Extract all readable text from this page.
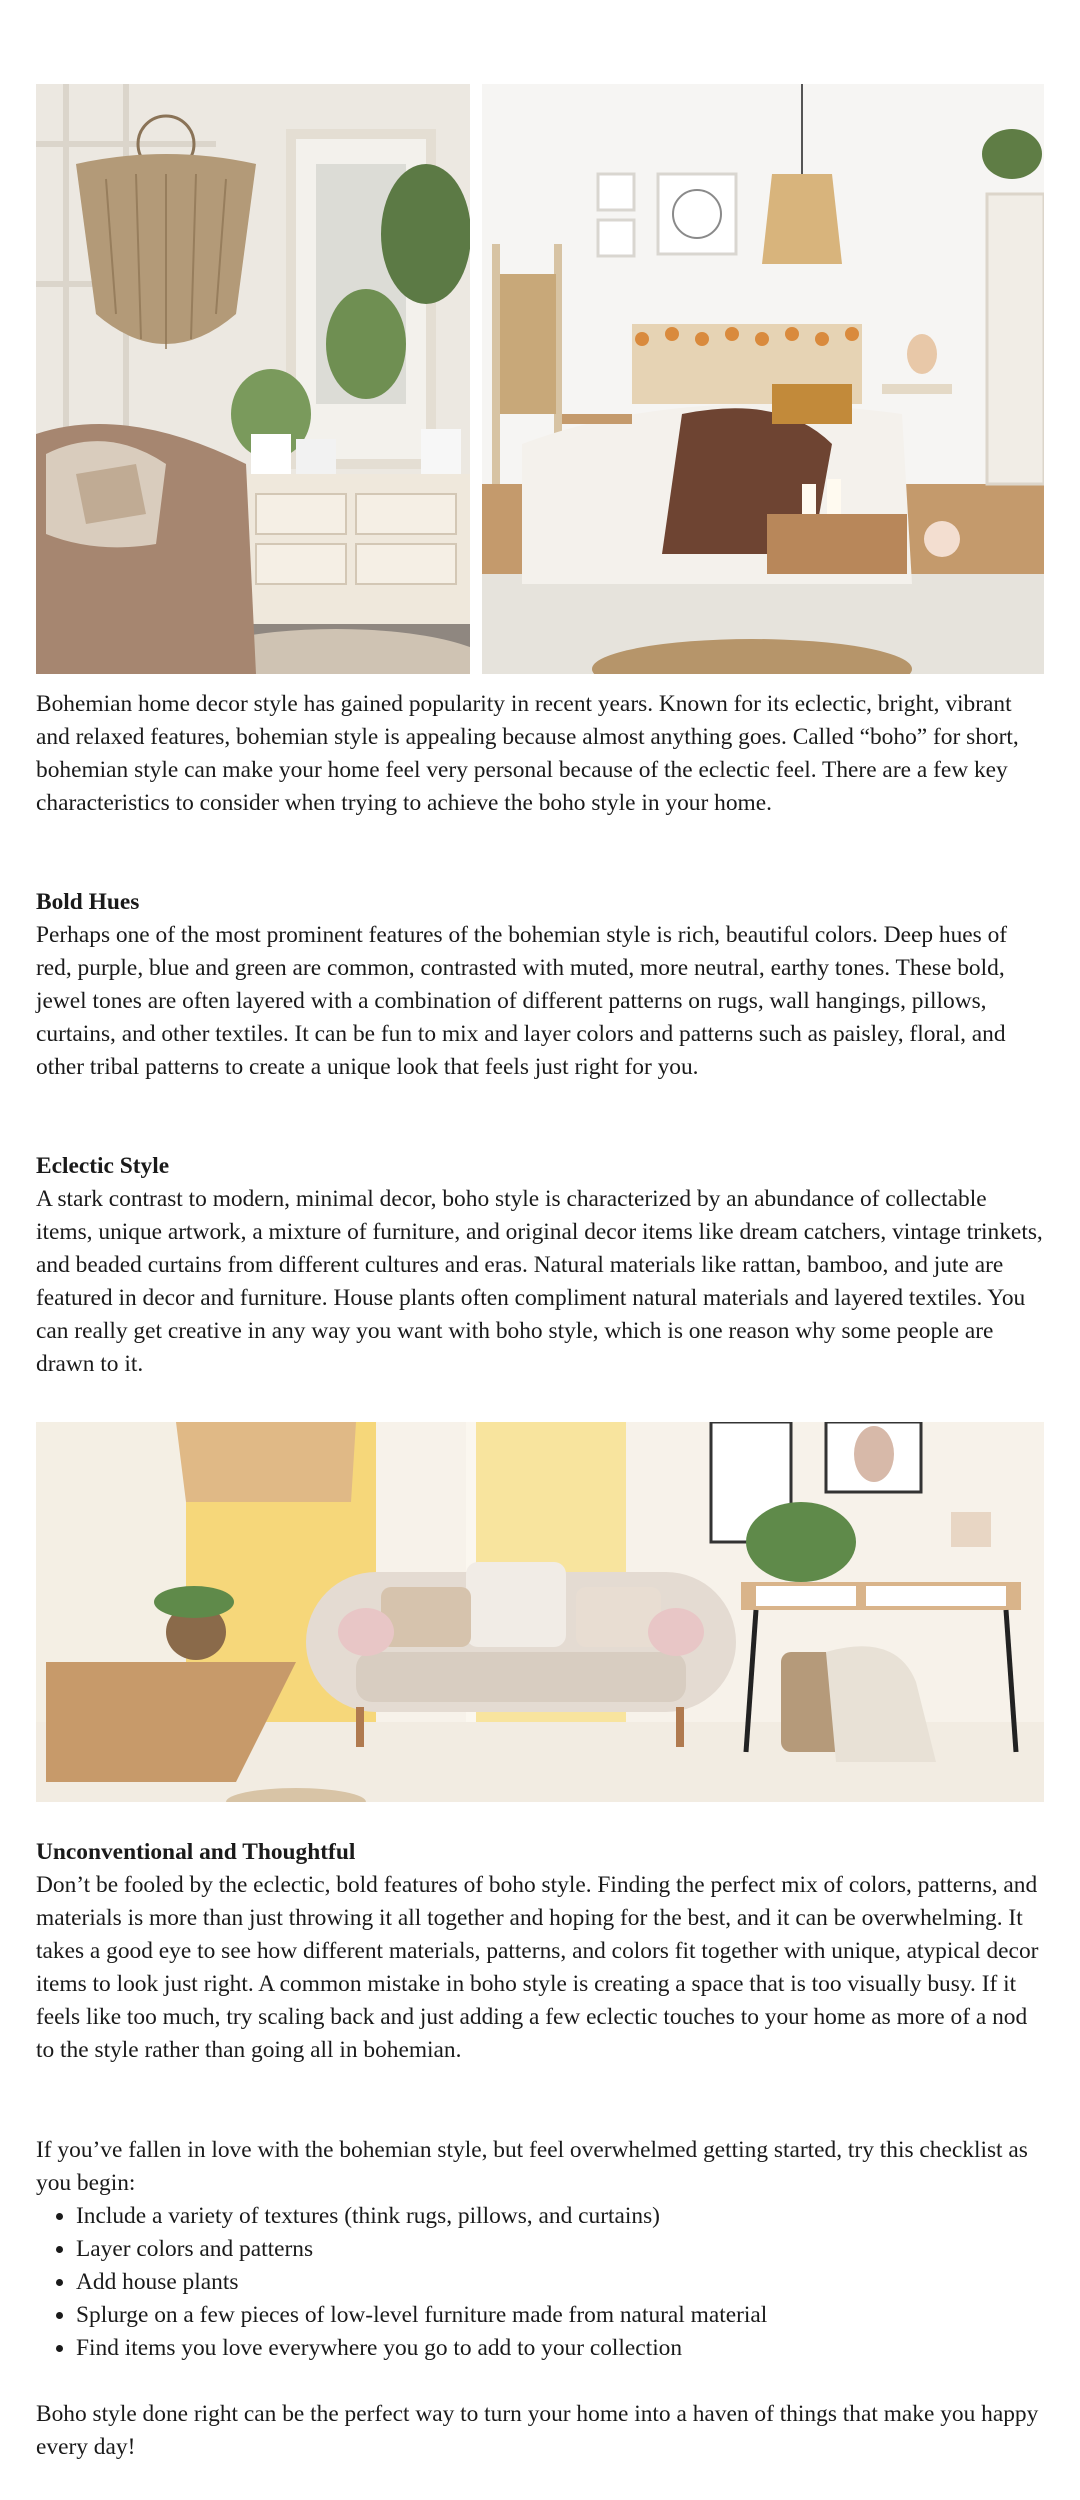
Bohemian home decor style has gained popularity in recent years. Known for its eclectic, bright, vibrant and relaxed features, bohemian style is appealing because almost anything goes. Called “boho” for short, bohemian style can make your home feel very personal because of the eclectic feel. There are a few key characteristics to consider when trying to achieve the boho style in your home.

Bold Hues

Perhaps one of the most prominent features of the bohemian style is rich, beautiful colors. Deep hues of red, purple, blue and green are common, contrasted with muted, more neutral, earthy tones. These bold, jewel tones are often layered with a combination of different patterns on rugs, wall hangings, pillows, curtains, and other textiles. It can be fun to mix and layer colors and patterns such as paisley, floral, and other tribal patterns to create a unique look that feels just right for you.

Eclectic Style

A stark contrast to modern, minimal decor, boho style is characterized by an abundance of collectable items, unique artwork, a mixture of furniture, and original decor items like dream catchers, vintage trinkets, and beaded curtains from different cultures and eras. Natural materials like rattan, bamboo, and jute are featured in decor and furniture. House plants often compliment natural materials and layered textiles. You can really get creative in any way you want with boho style, which is one reason why some people are drawn to it.

Unconventional and Thoughtful

Don’t be fooled by the eclectic, bold features of boho style. Finding the perfect mix of colors, patterns, and materials is more than just throwing it all together and hoping for the best, and it can be overwhelming. It takes a good eye to see how different materials, patterns, and colors fit together with unique, atypical decor items to look just right. A common mistake in boho style is creating a space that is too visually busy. If it feels like too much, try scaling back and just adding a few eclectic touches to your home as more of a nod to the style rather than going all in bohemian.

If you’ve fallen in love with the bohemian style, but feel overwhelmed getting started, try this checklist as you begin:

• Include a variety of textures (think rugs, pillows, and curtains)
• Layer colors and patterns
• Add house plants
• Splurge on a few pieces of low-level furniture made from natural material
• Find items you love everywhere you go to add to your collection

Boho style done right can be the perfect way to turn your home into a haven of things that make you happy every day!
